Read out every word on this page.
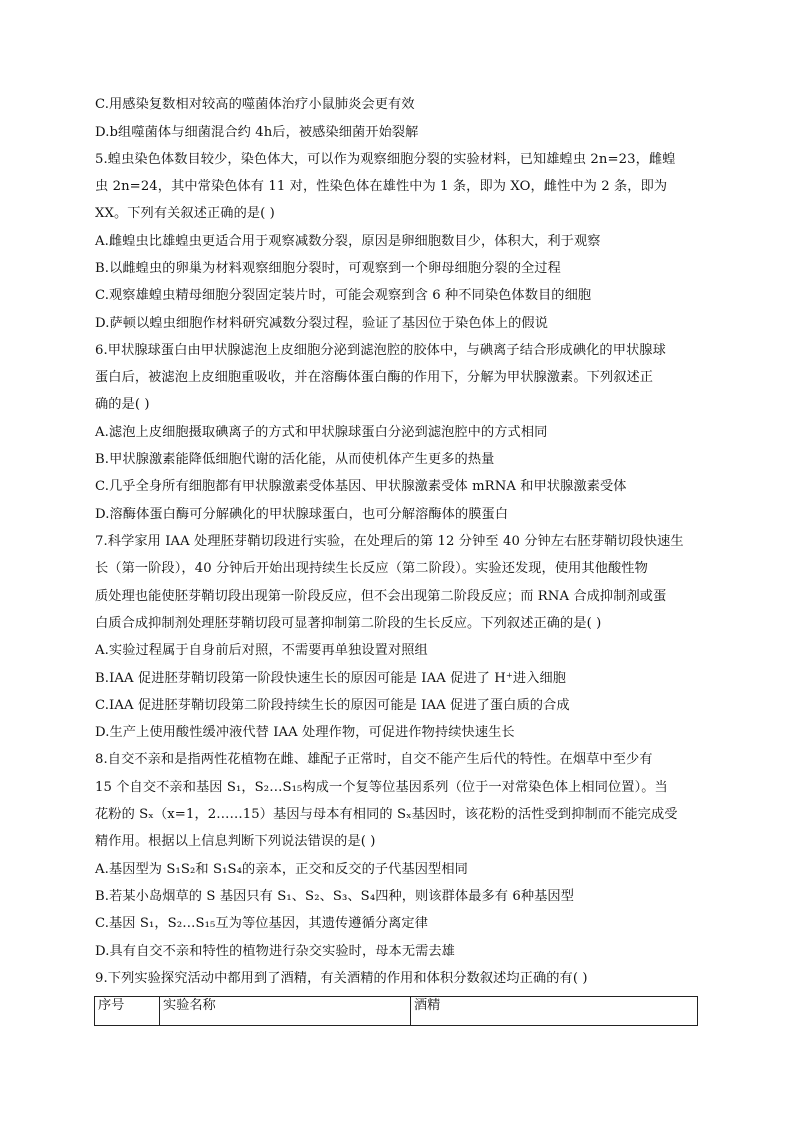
C.用感染复数相对较高的噬菌体治疗小鼠肺炎会更有效
D.b组噬菌体与细菌混合约 4h后，被感染细菌开始裂解
5.蝗虫染色体数目较少，染色体大，可以作为观察细胞分裂的实验材料，已知雄蝗虫 2n=23，雌蝗
虫 2n=24，其中常染色体有 11 对，性染色体在雄性中为 1 条，即为 XO，雌性中为 2 条，即为
XX。下列有关叙述正确的是( )
A.雌蝗虫比雄蝗虫更适合用于观察减数分裂，原因是卵细胞数目少，体积大，利于观察
B.以雌蝗虫的卵巢为材料观察细胞分裂时，可观察到一个卵母细胞分裂的全过程
C.观察雄蝗虫精母细胞分裂固定装片时，可能会观察到含 6 种不同染色体数目的细胞
D.萨顿以蝗虫细胞作材料研究减数分裂过程，验证了基因位于染色体上的假说
6.甲状腺球蛋白由甲状腺滤泡上皮细胞分泌到滤泡腔的胶体中，与碘离子结合形成碘化的甲状腺球
蛋白后，被滤泡上皮细胞重吸收，并在溶酶体蛋白酶的作用下，分解为甲状腺激素。下列叙述正
确的是( )
A.滤泡上皮细胞摄取碘离子的方式和甲状腺球蛋白分泌到滤泡腔中的方式相同
B.甲状腺激素能降低细胞代谢的活化能，从而使机体产生更多的热量
C.几乎全身所有细胞都有甲状腺激素受体基因、甲状腺激素受体 mRNA 和甲状腺激素受体
D.溶酶体蛋白酶可分解碘化的甲状腺球蛋白，也可分解溶酶体的膜蛋白
7.科学家用 IAA 处理胚芽鞘切段进行实验，在处理后的第 12 分钟至 40 分钟左右胚芽鞘切段快速生
长（第一阶段），40 分钟后开始出现持续生长反应（第二阶段）。实验还发现，使用其他酸性物
质处理也能使胚芽鞘切段出现第一阶段反应，但不会出现第二阶段反应；而 RNA 合成抑制剂或蛋
白质合成抑制剂处理胚芽鞘切段可显著抑制第二阶段的生长反应。下列叙述正确的是( )
A.实验过程属于自身前后对照，不需要再单独设置对照组
B.IAA 促进胚芽鞘切段第一阶段快速生长的原因可能是 IAA 促进了 H⁺进入细胞
C.IAA 促进胚芽鞘切段第二阶段持续生长的原因可能是 IAA 促进了蛋白质的合成
D.生产上使用酸性缓冲液代替 IAA 处理作物，可促进作物持续快速生长
8.自交不亲和是指两性花植物在雌、雄配子正常时，自交不能产生后代的特性。在烟草中至少有
15 个自交不亲和基因 S₁，S₂…S₁₅构成一个复等位基因系列（位于一对常染色体上相同位置）。当
花粉的 Sₓ（x=1，2……15）基因与母本有相同的 Sₓ基因时，该花粉的活性受到抑制而不能完成受
精作用。根据以上信息判断下列说法错误的是( )
A.基因型为 S₁S₂和 S₁S₄的亲本，正交和反交的子代基因型相同
B.若某小岛烟草的 S 基因只有 S₁、S₂、S₃、S₄四种，则该群体最多有 6种基因型
C.基因 S₁，S₂…S₁₅互为等位基因，其遗传遵循分离定律
D.具有自交不亲和特性的植物进行杂交实验时，母本无需去雄
9.下列实验探究活动中都用到了酒精，有关酒精的作用和体积分数叙述均正确的有( )
序号	实验名称	酒精
